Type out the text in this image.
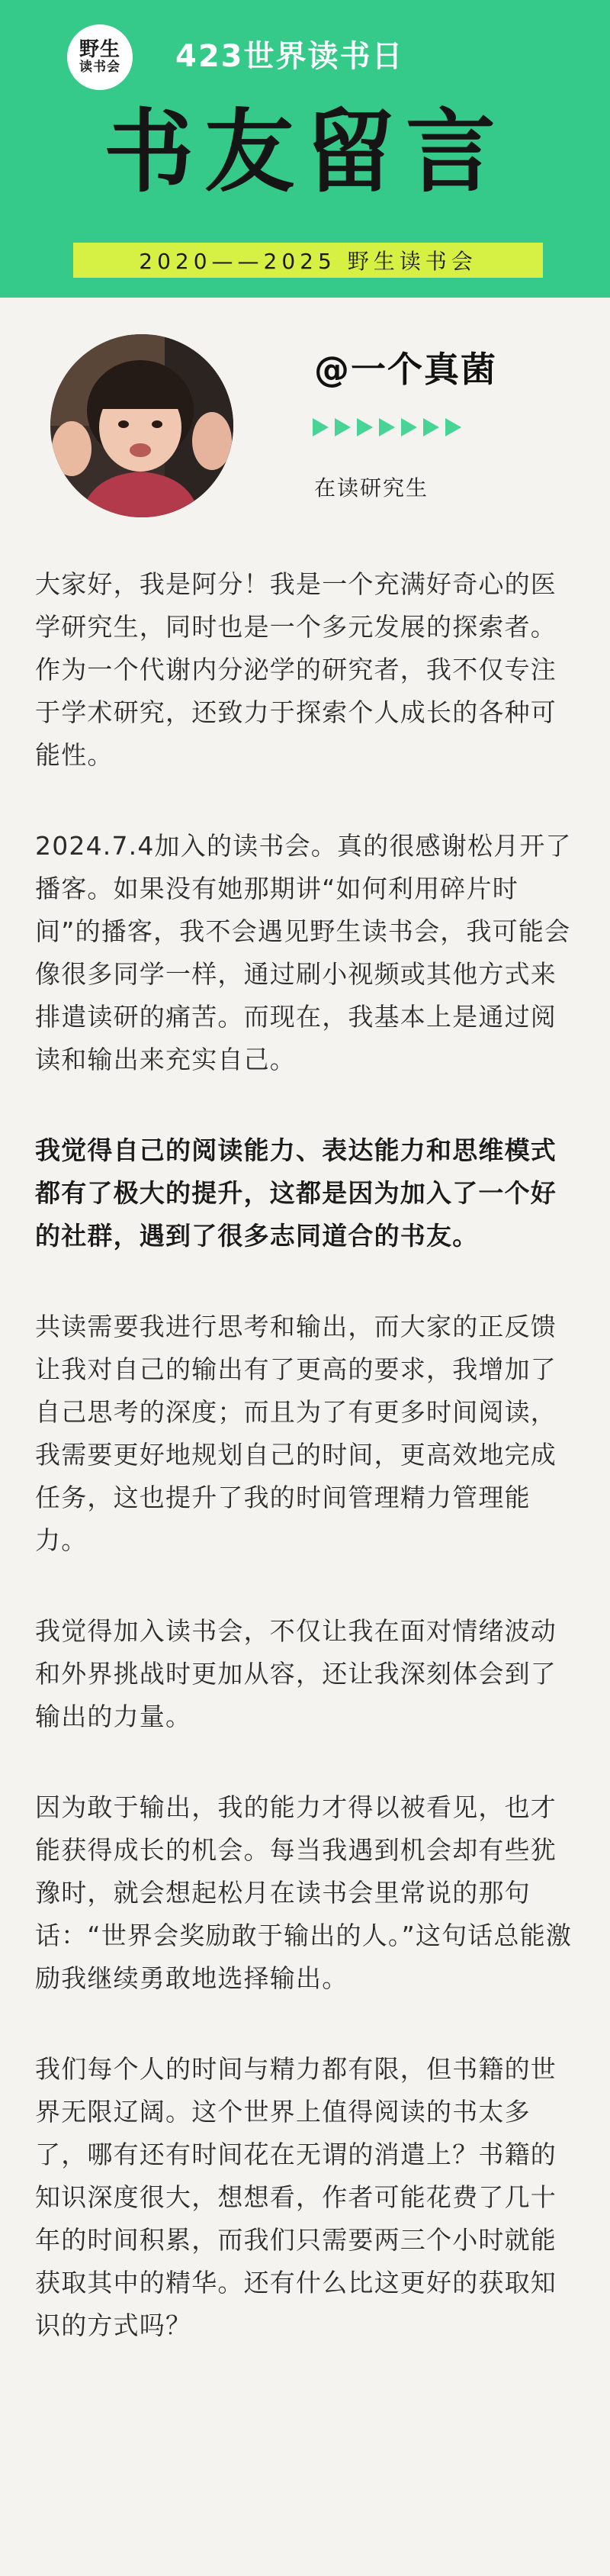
野生
读书会 423世界读书日
书友留言
2020——2025 野生读书会
@一个真菌
在读研究生

大家好，我是阿分！我是一个充满好奇心的医学研究生，同时也是一个多元发展的探索者。作为一个代谢内分泌学的研究者，我不仅专注于学术研究，还致力于探索个人成长的各种可能性。

2024.7.4加入的读书会。真的很感谢松月开了播客。如果没有她那期讲“如何利用碎片时间”的播客，我不会遇见野生读书会，我可能会像很多同学一样，通过刷小视频或其他方式来排遣读研的痛苦。而现在，我基本上是通过阅读和输出来充实自己。

我觉得自己的阅读能力、表达能力和思维模式都有了极大的提升，这都是因为加入了一个好的社群，遇到了很多志同道合的书友。

共读需要我进行思考和输出，而大家的正反馈让我对自己的输出有了更高的要求，我增加了自己思考的深度；而且为了有更多时间阅读，我需要更好地规划自己的时间，更高效地完成任务，这也提升了我的时间管理精力管理能力。

我觉得加入读书会，不仅让我在面对情绪波动和外界挑战时更加从容，还让我深刻体会到了输出的力量。

因为敢于输出，我的能力才得以被看见，也才能获得成长的机会。每当我遇到机会却有些犹豫时，就会想起松月在读书会里常说的那句话：“世界会奖励敢于输出的人。”这句话总能激励我继续勇敢地选择输出。

我们每个人的时间与精力都有限，但书籍的世界无限辽阔。这个世界上值得阅读的书太多了，哪有还有时间花在无谓的消遣上？书籍的知识深度很大，想想看，作者可能花费了几十年的时间积累，而我们只需要两三个小时就能获取其中的精华。还有什么比这更好的获取知识的方式吗？
